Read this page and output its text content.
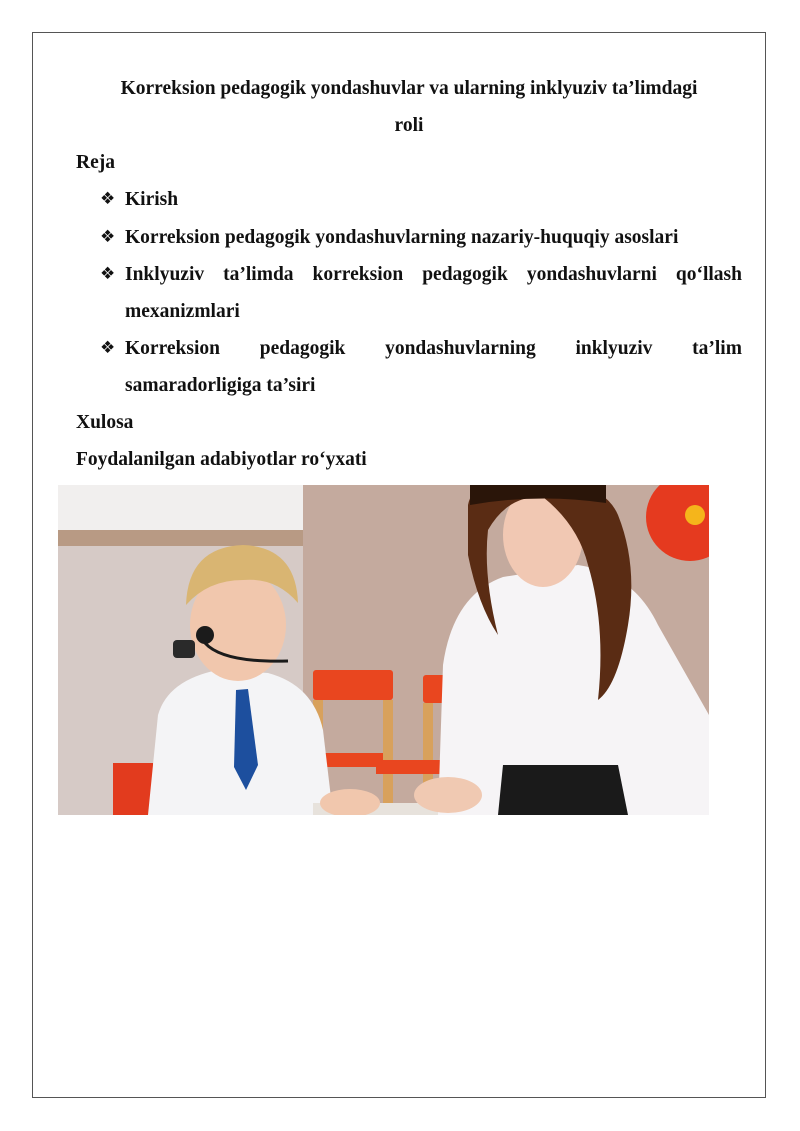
Korreksion pedagogik yondashuvlar va ularning inklyuziv ta’limdagi
roli
Reja
❖ Kirish
❖ Korreksion pedagogik yondashuvlarning nazariy-huquqiy asoslari
❖ Inklyuziv ta’limda korreksion pedagogik yondashuvlarni qo‘llash
mexanizmlari
❖ Korreksion pedagogik yondashuvlarning inklyuziv ta’lim
samaradorligiga ta’siri
Xulosa
Foydalanilgan adabiyotlar ro‘yxati
